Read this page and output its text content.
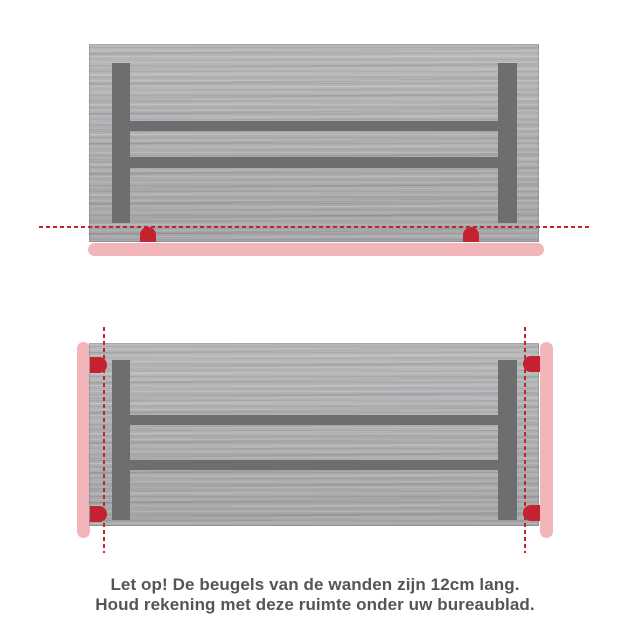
Let op! De beugels van de wanden zijn 12cm lang.

Houd rekening met deze ruimte onder uw bureaublad.
